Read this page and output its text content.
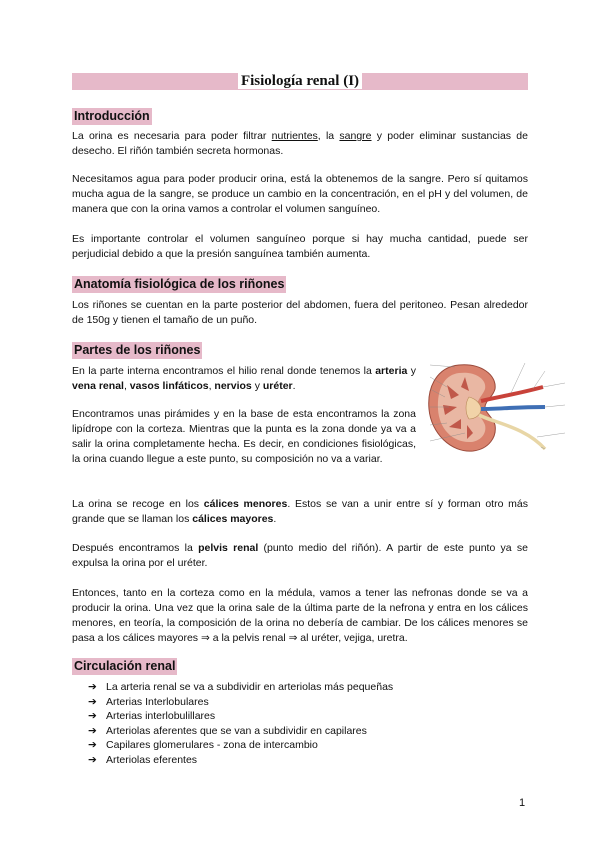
Fisiología renal (I)
Introducción

La orina es necesaria para poder filtrar nutrientes, la sangre y poder eliminar sustancias de desecho. El riñón también secreta hormonas.

Necesitamos agua para poder producir orina, está la obtenemos de la sangre. Pero sí quitamos mucha agua de la sangre, se produce un cambio en la concentración, en el pH y del volumen, de manera que con la orina vamos a controlar el volumen sanguíneo.

Es importante controlar el volumen sanguíneo porque si hay mucha cantidad, puede ser perjudicial debido a que la presión sanguínea también aumenta.

Anatomía fisiológica de los riñones

Los riñones se cuentan en la parte posterior del abdomen, fuera del peritoneo. Pesan alrededor de 150g y tienen el tamaño de un puño.

Partes de los riñones

En la parte interna encontramos el hilio renal donde tenemos la arteria y vena renal, vasos linfáticos, nervios y uréter.

Encontramos unas pirámides y en la base de esta encontramos la zona lipídrope con la corteza. Mientras que la punta es la zona donde ya va a salir la orina completamente hecha. Es decir, en condiciones fisiológicas, la orina cuando llegue a este punto, su composición no va a variar.

La orina se recoge en los cálices menores. Estos se van a unir entre sí y forman otro más grande que se llaman los cálices mayores.

Después encontramos la pelvis renal (punto medio del riñón). A partir de este punto ya se expulsa la orina por el uréter.

Entonces, tanto en la corteza como en la médula, vamos a tener las nefronas donde se va a producir la orina. Una vez que la orina sale de la última parte de la nefrona y entra en los cálices menores, en teoría, la composición de la orina no debería de cambiar. De los cálices menores se pasa a los cálices mayores ⇒ a la pelvis renal ⇒ al uréter, vejiga, uretra.

Circulación renal
➔ La arteria renal se va a subdividir en arteriolas más pequeñas
➔ Arterias Interlobulares
➔ Arterias interlobulillares
➔ Arteriolas aferentes que se van a subdividir en capilares
➔ Capilares glomerulares - zona de intercambio
➔ Arteriolas eferentes
1
